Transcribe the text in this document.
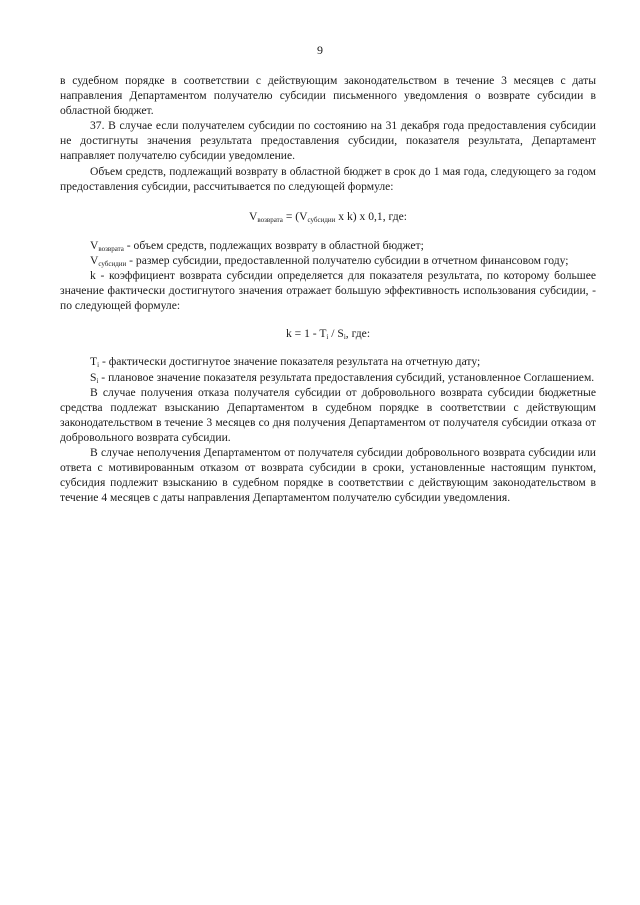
9

в судебном порядке в соответствии с действующим законодательством в течение 3 месяцев с даты направления Департаментом получателю субсидии письменного уведомления о возврате субсидии в областной бюджет.

37. В случае если получателем субсидии по состоянию на 31 декабря года предоставления субсидии не достигнуты значения результата предоставления субсидии, показателя результата, Департамент направляет получателю субсидии уведомление.

Объем средств, подлежащий возврату в областной бюджет в срок до 1 мая года, следующего за годом предоставления субсидии, рассчитывается по следующей формуле:

$V_{возврата} = (V_{субсидии}$ x k) x 0,1, где:

$V_{возврата}$ - объем средств, подлежащих возврату в областной бюджет;

$V_{субсидии}$ - размер субсидии, предоставленной получателю субсидии в отчетном финансовом году;

k - коэффициент возврата субсидии определяется для показателя результата, по которому большее значение фактически достигнутого значения отражает большую эффективность использования субсидии, - по следующей формуле:

$k = 1 - T_i / S_i$, где:

$T_i$ - фактически достигнутое значение показателя результата на отчетную дату;

$S_i$ - плановое значение показателя результата предоставления субсидий, установленное Соглашением.

В случае получения отказа получателя субсидии от добровольного возврата субсидии бюджетные средства подлежат взысканию Департаментом в судебном порядке в соответствии с действующим законодательством в течение 3 месяцев со дня получения Департаментом от получателя субсидии отказа от добровольного возврата субсидии.

В случае неполучения Департаментом от получателя субсидии добровольного возврата субсидии или ответа с мотивированным отказом от возврата субсидии в сроки, установленные настоящим пунктом, субсидия подлежит взысканию в судебном порядке в соответствии с действующим законодательством в течение 4 месяцев с даты направления Департаментом получателю субсидии уведомления.
